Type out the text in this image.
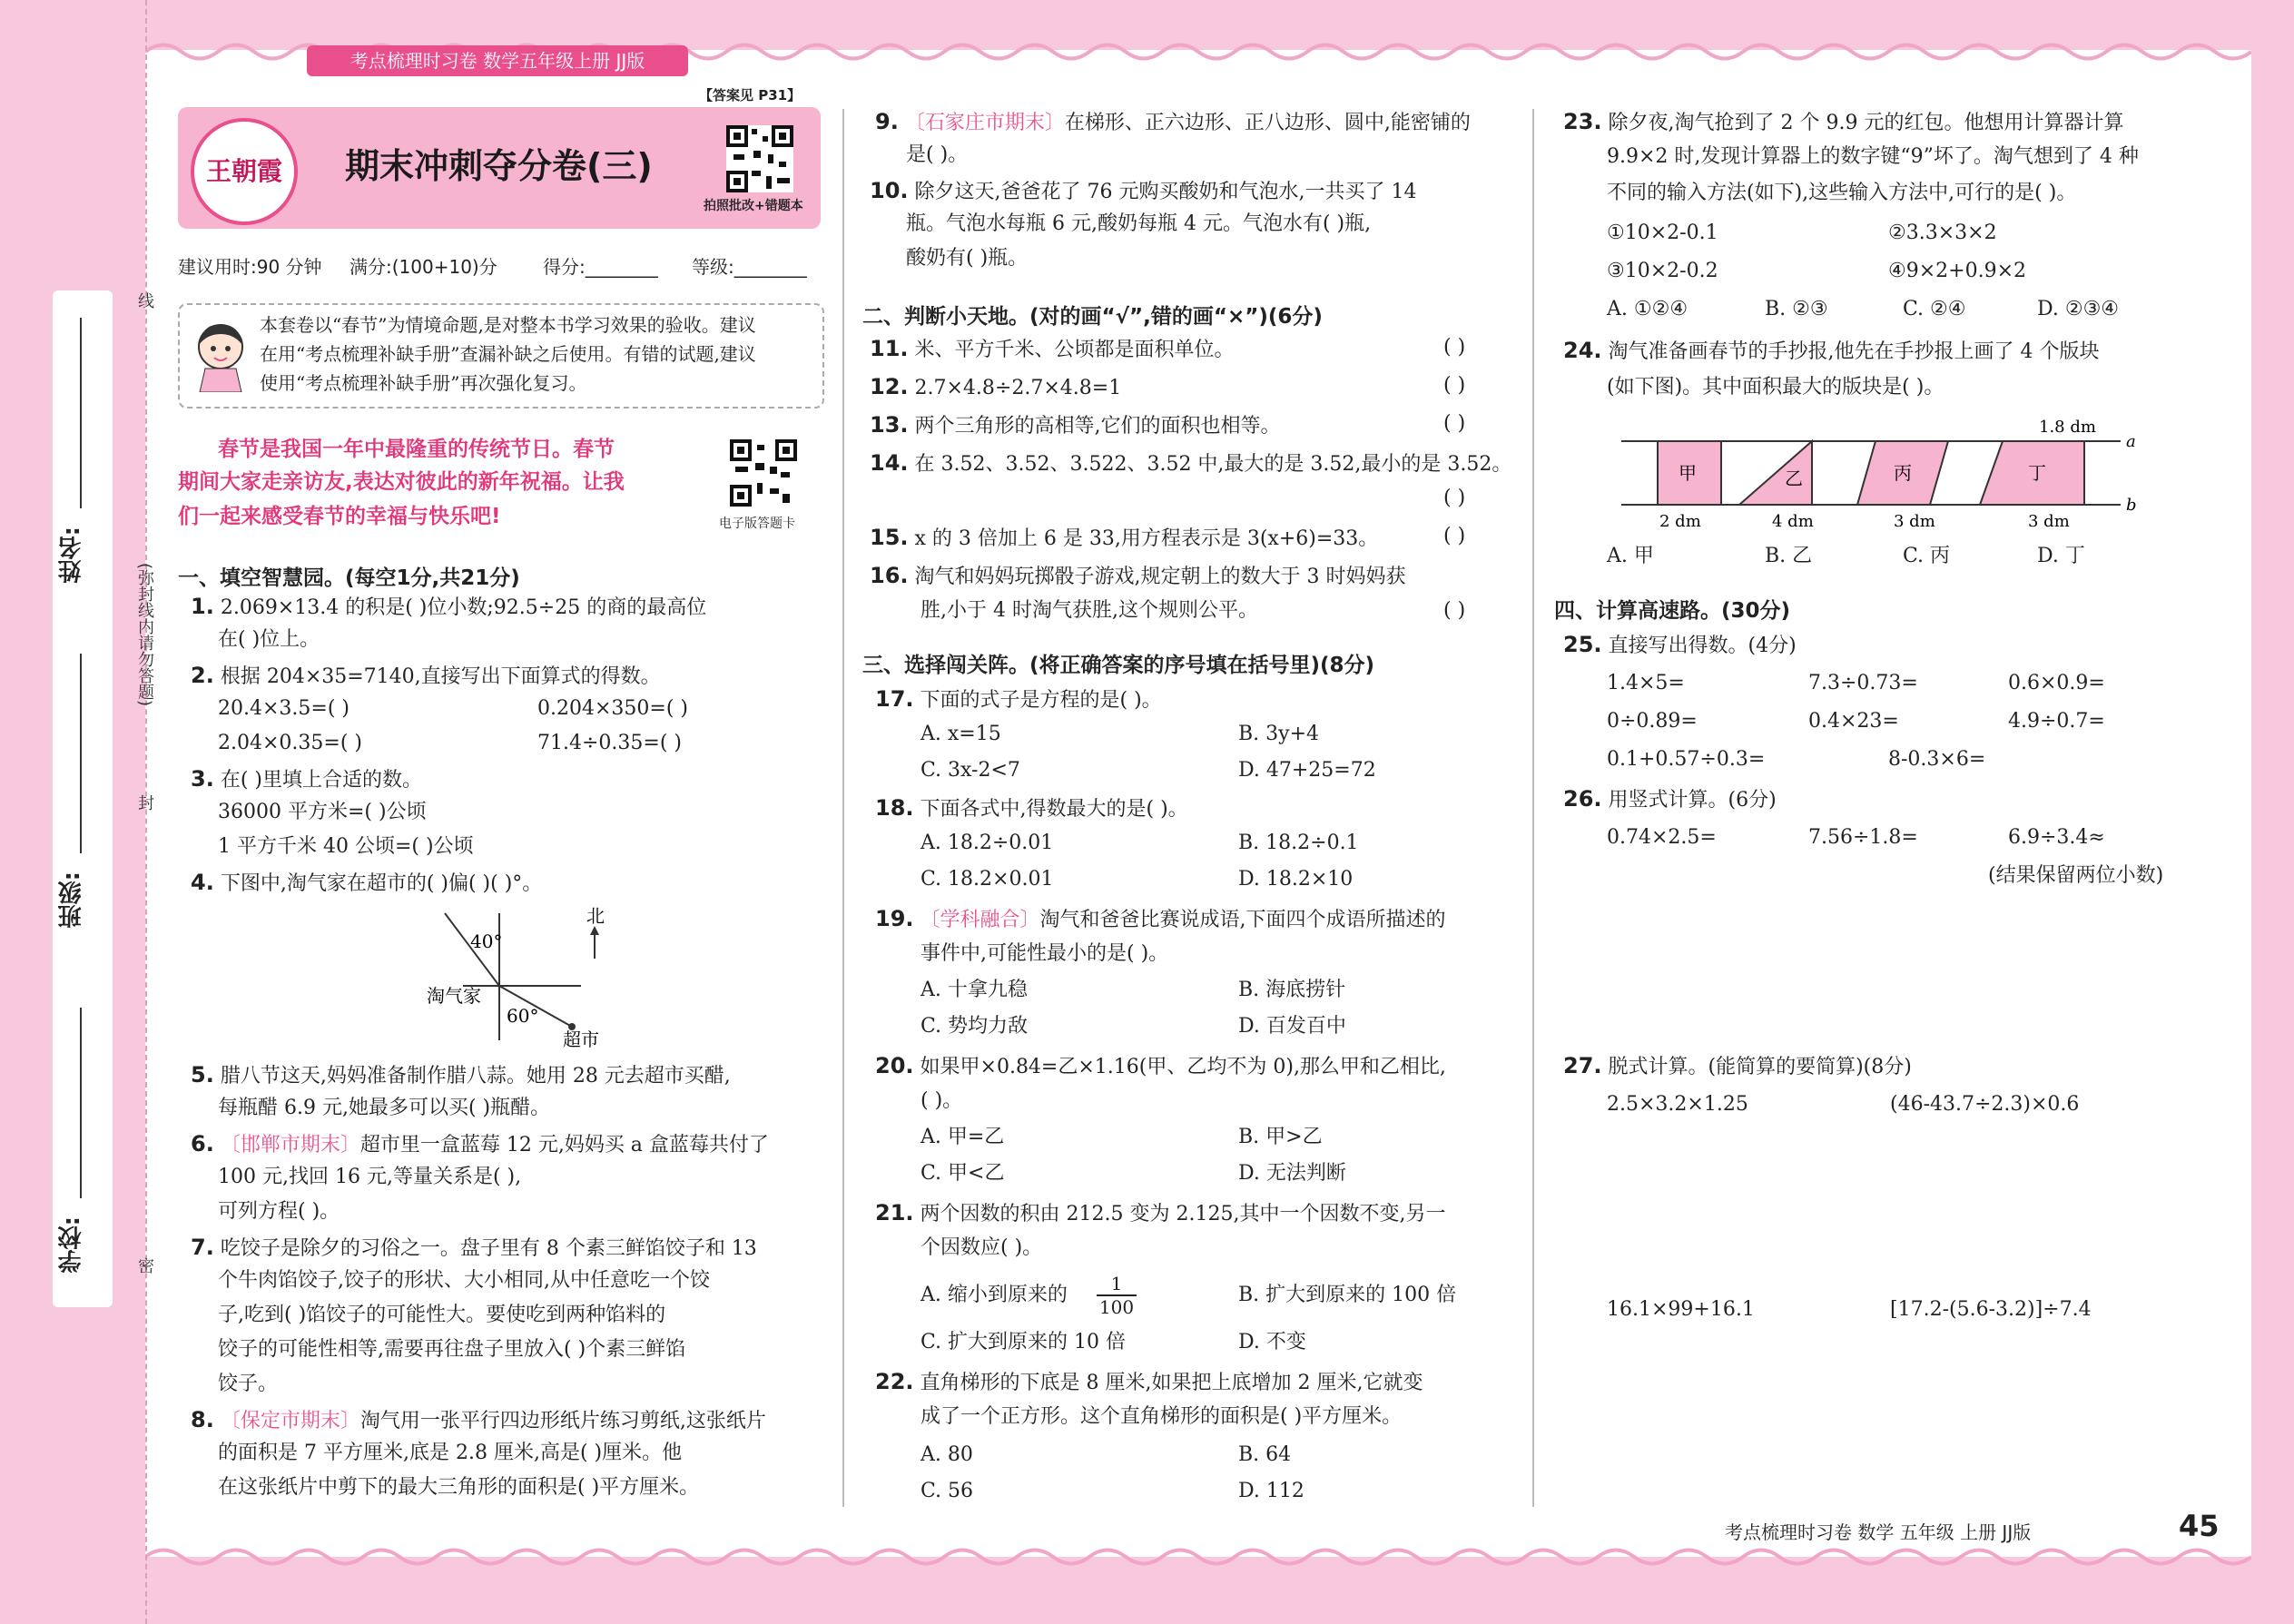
姓名:
班级:
学校:
线
(弥封线内请勿答题)
封
密
考点梳理时习卷 数学五年级上册 JJ版
【答案见 P31】
王朝霞	期末冲刺夺分卷(三)
拍照批改+错题本
建议用时:90 分钟 满分:(100+10)分	得分:________ 等级:________
本套卷以“春节”为情境命题,是对整本书学习效果的验收。建议
在用“考点梳理补缺手册”查漏补缺之后使用。有错的试题,建议
使用“考点梳理补缺手册”再次强化复习。
春节是我国一年中最隆重的传统节日。春节
期间大家走亲访友,表达对彼此的新年祝福。让我
们一起来感受春节的幸福与快乐吧!	电子版答题卡
一、填空智慧园。(每空1分,共21分)
1. 2.069×13.4 的积是( )位小数;92.5÷25 的商的最高位
在( )位上。
2. 根据 204×35=7140,直接写出下面算式的得数。
20.4×3.5=( )	0.204×350=( )
2.04×0.35=( )	71.4÷0.35=( )
3. 在( )里填上合适的数。
36000 平方米=( )公顷
1 平方千米 40 公顷=( )公顷
4. 下图中,淘气家在超市的( )偏( )( )°。
40°
60°
北
淘气家
超市
5. 腊八节这天,妈妈准备制作腊八蒜。她用 28 元去超市买醋,
每瓶醋 6.9 元,她最多可以买( )瓶醋。
6. 〔邯郸市期末〕超市里一盒蓝莓 12 元,妈妈买 a 盒蓝莓共付了
100 元,找回 16 元,等量关系是( ),
可列方程( )。
7. 吃饺子是除夕的习俗之一。盘子里有 8 个素三鲜馅饺子和 13
个牛肉馅饺子,饺子的形状、大小相同,从中任意吃一个饺
子,吃到( )馅饺子的可能性大。要使吃到两种馅料的
饺子的可能性相等,需要再往盘子里放入( )个素三鲜馅
饺子。
8. 〔保定市期末〕淘气用一张平行四边形纸片练习剪纸,这张纸片
的面积是 7 平方厘米,底是 2.8 厘米,高是( )厘米。他
在这张纸片中剪下的最大三角形的面积是( )平方厘米。
9. 〔石家庄市期末〕在梯形、正六边形、正八边形、圆中,能密铺的
是( )。
10. 除夕这天,爸爸花了 76 元购买酸奶和气泡水,一共买了 14
瓶。气泡水每瓶 6 元,酸奶每瓶 4 元。气泡水有( )瓶,
酸奶有( )瓶。
二、判断小天地。(对的画“√”,错的画“×”)(6分)
11. 米、平方千米、公顷都是面积单位。	( )
12. 2.7×4.8÷2.7×4.8=1	( )
13. 两个三角形的高相等,它们的面积也相等。	( )
14. 在 3.52、3.52、3.522、3.52 中,最大的是 3.52,最小的是 3.52。
( )
15. x 的 3 倍加上 6 是 33,用方程表示是 3(x+6)=33。	( )
16. 淘气和妈妈玩掷骰子游戏,规定朝上的数大于 3 时妈妈获
胜,小于 4 时淘气获胜,这个规则公平。	( )
三、选择闯关阵。(将正确答案的序号填在括号里)(8分)
17. 下面的式子是方程的是( )。
A. x=15	B. 3y+4
C. 3x-2<7	D. 47+25=72
18. 下面各式中,得数最大的是( )。
A. 18.2÷0.01	B. 18.2÷0.1
C. 18.2×0.01	D. 18.2×10
19. 〔学科融合〕淘气和爸爸比赛说成语,下面四个成语所描述的
事件中,可能性最小的是( )。
A. 十拿九稳	B. 海底捞针
C. 势均力敌	D. 百发百中
20. 如果甲×0.84=乙×1.16(甲、乙均不为 0),那么甲和乙相比,
( )。
A. 甲=乙	B. 甲>乙
C. 甲<乙	D. 无法判断
21. 两个因数的积由 212.5 变为 2.125,其中一个因数不变,另一
个因数应( )。
A. 缩小到原来的 $\frac{1}{100}$	B. 扩大到原来的 100 倍
C. 扩大到原来的 10 倍	D. 不变
22. 直角梯形的下底是 8 厘米,如果把上底增加 2 厘米,它就变
成了一个正方形。这个直角梯形的面积是( )平方厘米。
A. 80	B. 64
C. 56	D. 112
23. 除夕夜,淘气抢到了 2 个 9.9 元的红包。他想用计算器计算
9.9×2 时,发现计算器上的数字键“9”坏了。淘气想到了 4 种
不同的输入方法(如下),这些输入方法中,可行的是( )。
①10×2-0.1	②3.3×3×2
③10×2-0.2	④9×2+0.9×2
A. ①②④	B. ②③	C. ②④	D. ②③④
24. 淘气准备画春节的手抄报,他先在手抄报上画了 4 个版块
(如下图)。其中面积最大的版块是( )。
1.8 dm
a
b
甲	乙	丙	丁
2 dm	4 dm	3 dm	3 dm
A. 甲	B. 乙	C. 丙	D. 丁
四、计算高速路。(30分)
25. 直接写出得数。(4分)
1.4×5=	7.3÷0.73=	0.6×0.9=
0÷0.89=	0.4×23=	4.9÷0.7=
0.1+0.57÷0.3=	8-0.3×6=
26. 用竖式计算。(6分)
0.74×2.5=	7.56÷1.8=	6.9÷3.4≈
(结果保留两位小数)
27. 脱式计算。(能简算的要简算)(8分)
2.5×3.2×1.25	(46-43.7÷2.3)×0.6
16.1×99+16.1	[17.2-(5.6-3.2)]÷7.4
考点梳理时习卷 数学 五年级 上册 JJ版	45
